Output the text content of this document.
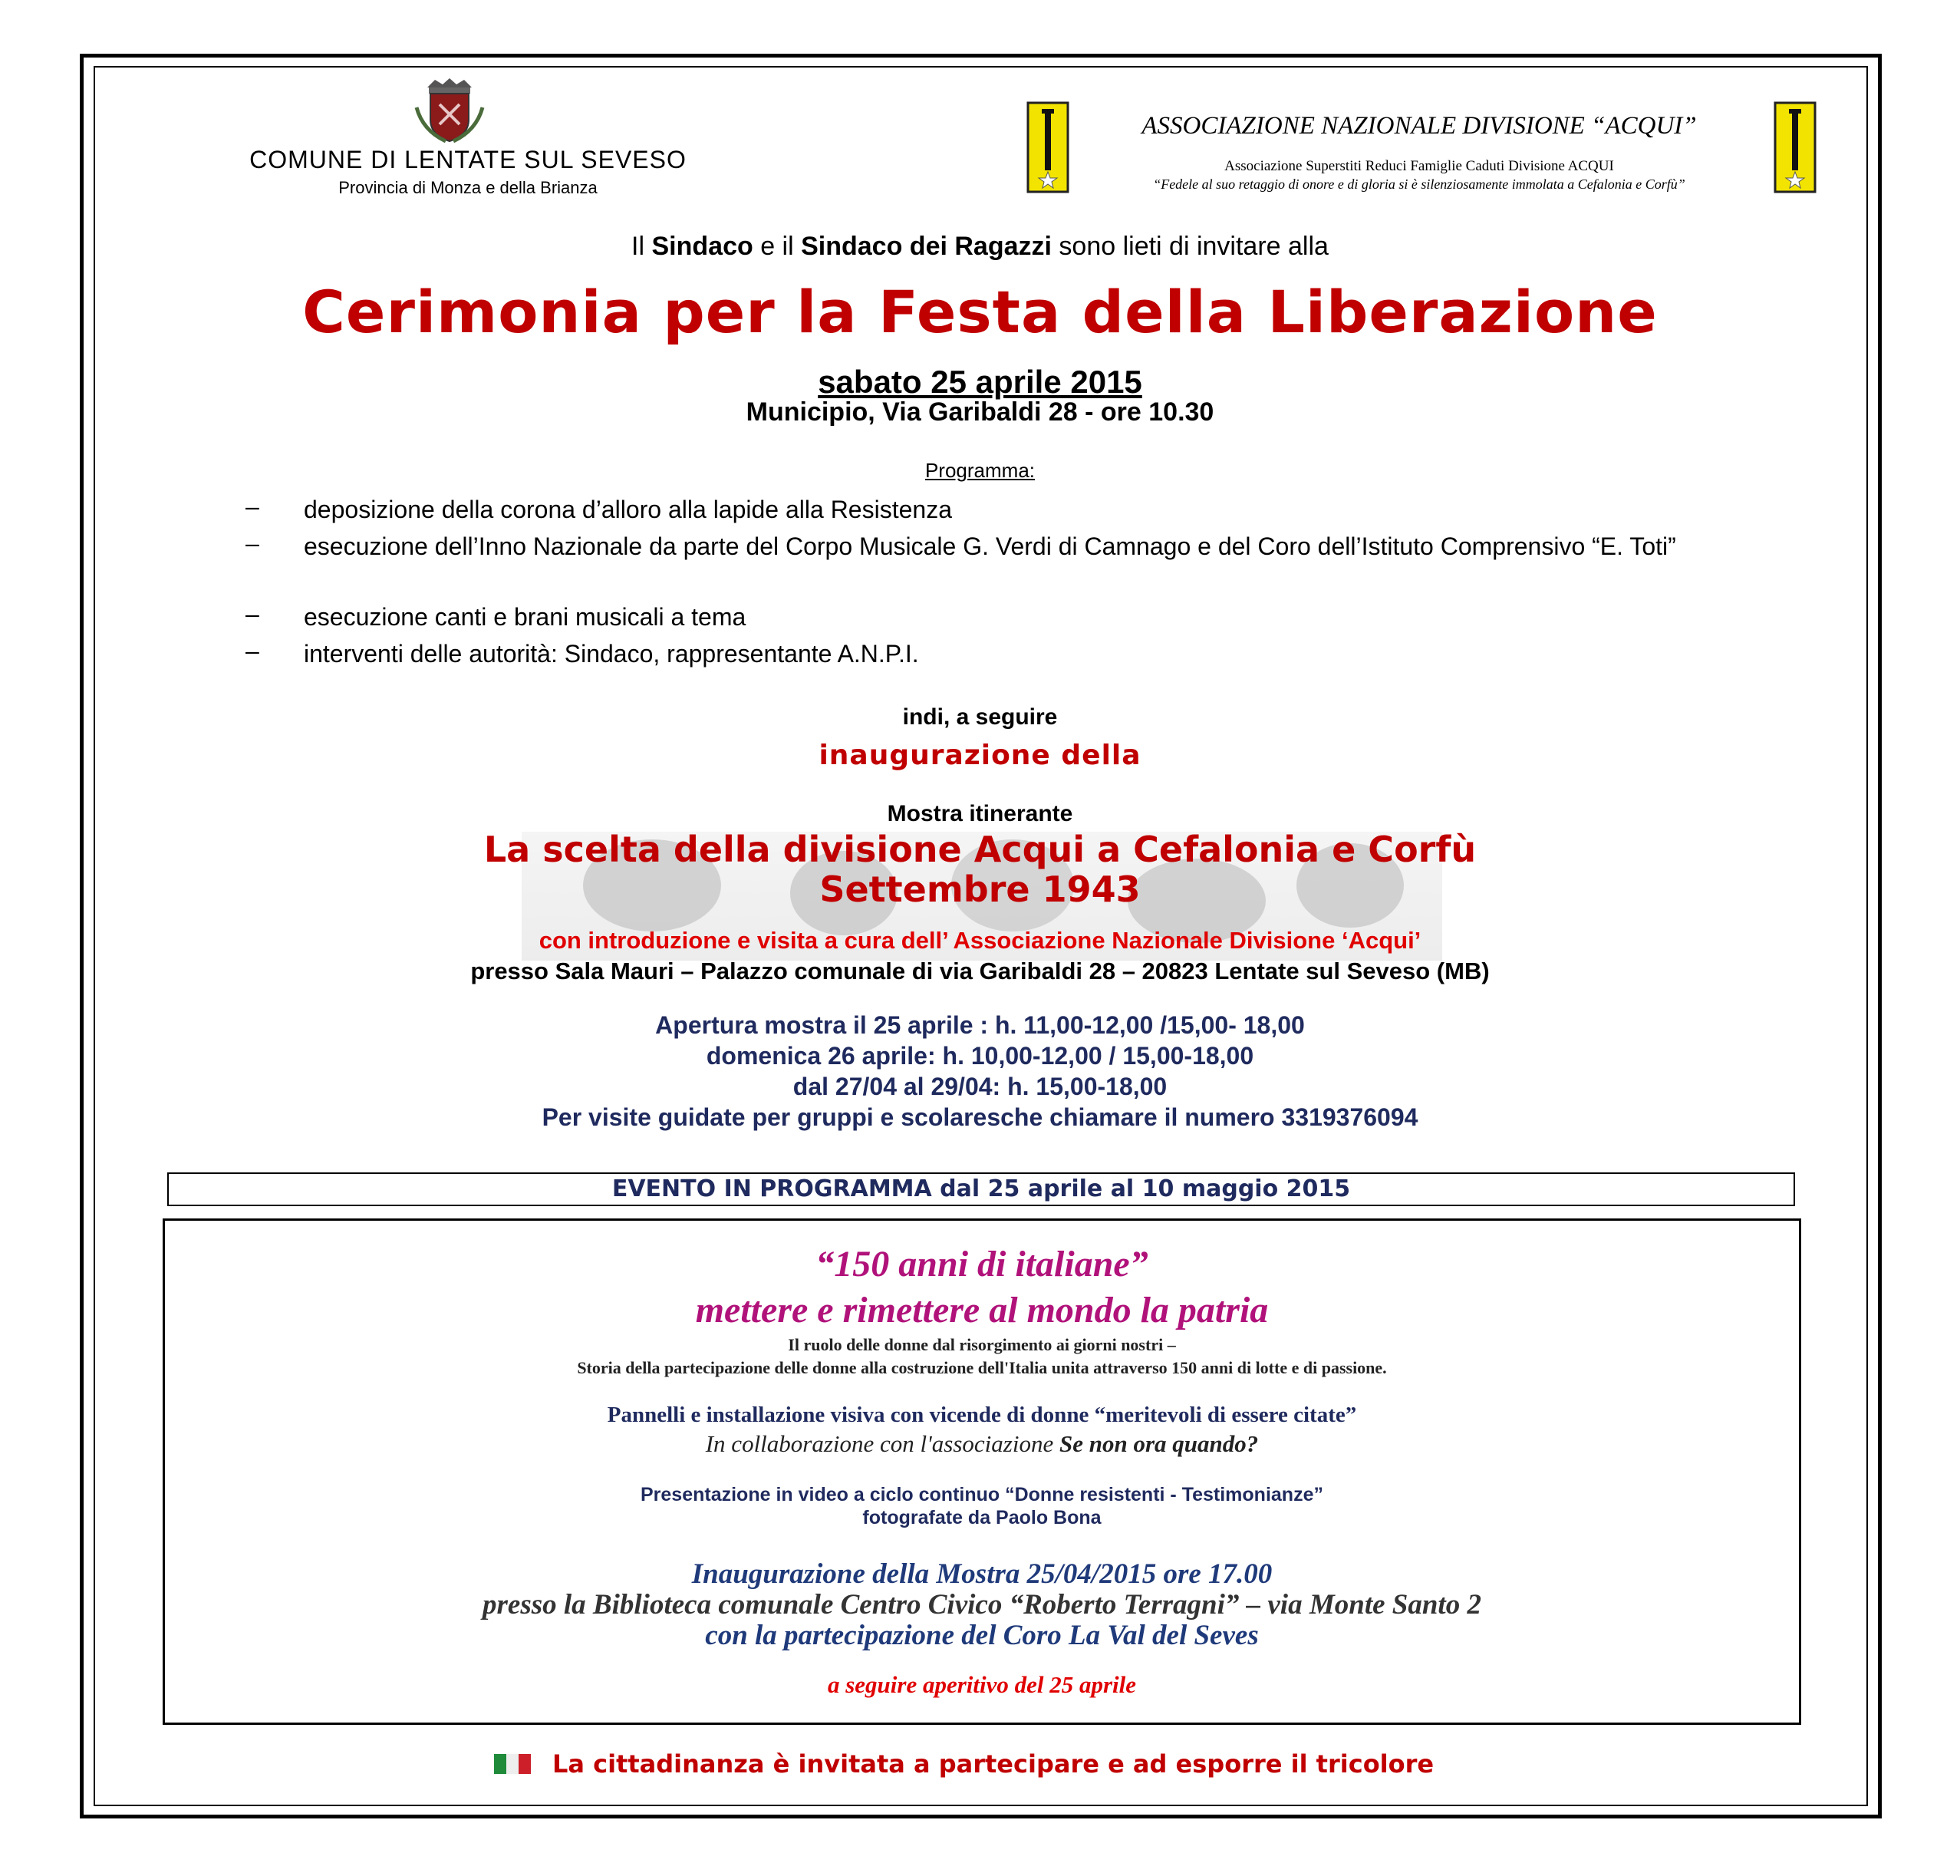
COMUNE DI LENTATE SUL SEVESO
Provincia di Monza e della Brianza
ASSOCIAZIONE NAZIONALE DIVISIONE “ACQUI”
Associazione Superstiti Reduci Famiglie Caduti Divisione ACQUI
“Fedele al suo retaggio di onore e di gloria si è silenziosamente immolata a Cefalonia e Corfù”
Il Sindaco e il Sindaco dei Ragazzi sono lieti di invitare alla
Cerimonia per la Festa della Liberazione
sabato 25 aprile 2015
Municipio, Via Garibaldi 28 - ore 10.30
Programma:
– deposizione della corona d’alloro alla lapide alla Resistenza
– esecuzione dell’Inno Nazionale da parte del Corpo Musicale G. Verdi di Camnago e del Coro dell’Istituto Comprensivo “E. Toti”
– esecuzione canti e brani musicali a tema
– interventi delle autorità: Sindaco, rappresentante A.N.P.I.
indi, a seguire
inaugurazione della
Mostra itinerante
La scelta della divisione Acqui a Cefalonia e Corfù
Settembre 1943
con introduzione e visita a cura dell’ Associazione Nazionale Divisione ‘Acqui’
presso Sala Mauri – Palazzo comunale di via Garibaldi 28 – 20823 Lentate sul Seveso (MB)
Apertura mostra il 25 aprile : h. 11,00-12,00 /15,00- 18,00
domenica 26 aprile: h. 10,00-12,00 / 15,00-18,00
dal 27/04 al 29/04: h. 15,00-18,00
Per visite guidate per gruppi e scolaresche chiamare il numero 3319376094
EVENTO IN PROGRAMMA dal 25 aprile al 10 maggio 2015
“150 anni di italiane”
mettere e rimettere al mondo la patria
Il ruolo delle donne dal risorgimento ai giorni nostri –
Storia della partecipazione delle donne alla costruzione dell'Italia unita attraverso 150 anni di lotte e di passione.
Pannelli e installazione visiva con vicende di donne “meritevoli di essere citate”
In collaborazione con l'associazione Se non ora quando?
Presentazione in video a ciclo continuo “Donne resistenti - Testimonianze”
fotografate da Paolo Bona
Inaugurazione della Mostra 25/04/2015 ore 17.00
presso la Biblioteca comunale Centro Civico “Roberto Terragni” – via Monte Santo 2
con la partecipazione del Coro La Val del Seves
a seguire aperitivo del 25 aprile
La cittadinanza è invitata a partecipare e ad esporre il tricolore
